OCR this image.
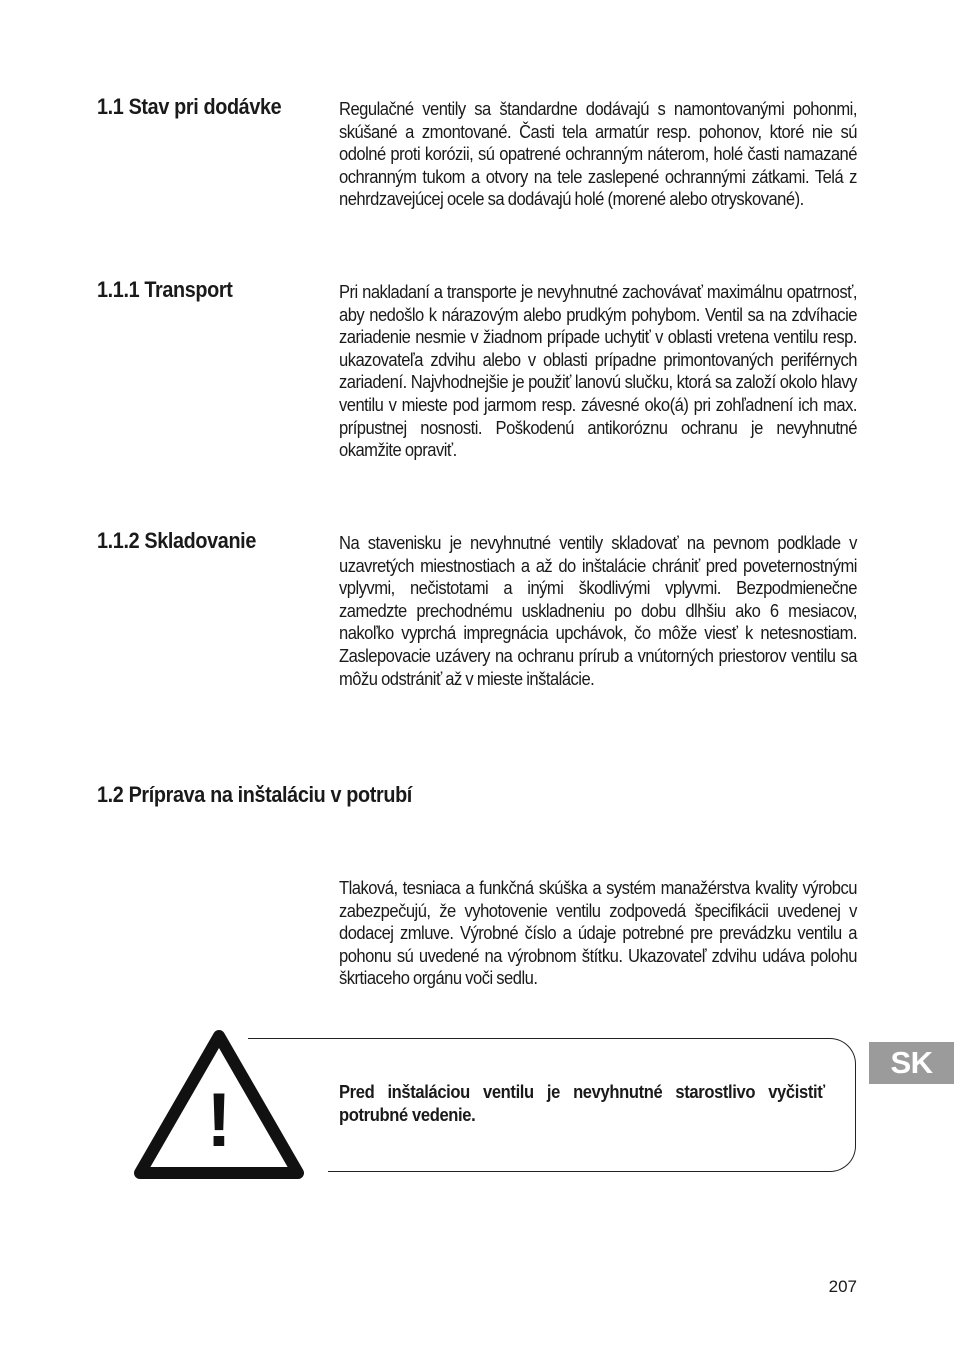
1.1 Stav pri dodávke	Regulačné ventily sa štandardne dodávajú s namontovanými pohonmi, skúšané a zmontované. Časti tela armatúr resp. pohonov, ktoré nie sú odolné proti korózii, sú opatrené ochranným náterom, holé časti namazané ochranným tukom a otvory na tele zaslepené ochrannými zátkami. Telá z nehrdzavejúcej ocele sa dodávajú holé (morené alebo otryskované).

1.1.1 Transport	Pri nakladaní a transporte je nevyhnutné zachovávať maximálnu opatrnosť, aby nedošlo k nárazovým alebo prudkým pohybom. Ventil sa na zdvíhacie zariadenie nesmie v žiadnom prípade uchytiť v oblasti vretena ventilu resp. ukazovateľa zdvihu alebo v oblasti prípadne primontovaných periférnych zariadení. Najvhodnejšie je použiť lanovú slučku, ktorá sa založí okolo hlavy ventilu v mieste pod jarmom resp. závesné oko(á) pri zohľadnení ich max. prípustnej nosnosti. Poškodenú antikoróznu ochranu je nevyhnutné okamžite opraviť.

1.1.2 Skladovanie	Na stavenisku je nevyhnutné ventily skladovať na pevnom podklade v uzavretých miestnostiach a až do inštalácie chrániť pred poveternostnými vplyvmi, nečistotami a inými škodlivými vplyvmi. Bezpodmienečne zamedzte prechodnému uskladneniu po dobu dlhšiu ako 6 mesiacov, nakoľko vyprchá impregnácia upchávok, čo môže viesť k netesnostiam. Zaslepovacie uzávery na ochranu prírub a vnútorných priestorov ventilu sa môžu odstrániť až v mieste inštalácie.

1.2 Príprava na inštaláciu v potrubí

Tlaková, tesniaca a funkčná skúška a systém manažérstva kvality výrobcu zabezpečujú, že vyhotovenie ventilu zodpovedá špecifikácii uvedenej v dodacej zmluve. Výrobné číslo a údaje potrebné pre prevádzku ventilu a pohonu sú uvedené na výrobnom štítku. Ukazovateľ zdvihu udáva polohu škrtiaceho orgánu voči sedlu.

!	Pred inštaláciou ventilu je nevyhnutné starostlivo vyčistiť potrubné vedenie.

SK

207
